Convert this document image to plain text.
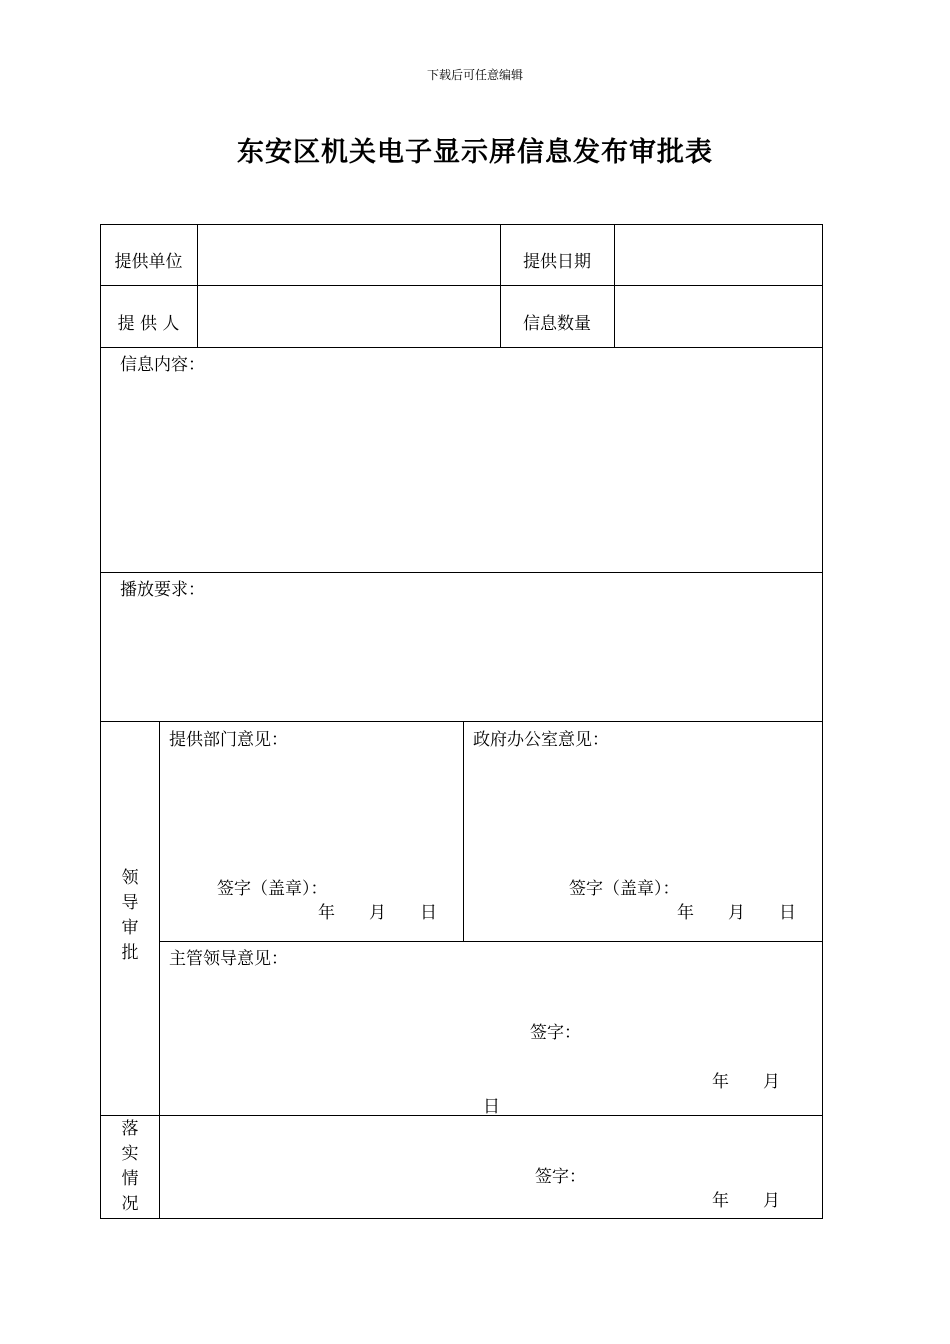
下载后可任意编辑
东安区机关电子显示屏信息发布审批表
提供单位	提供日期
提 供 人	信息数量
信息内容：
播放要求：
领
导
审
批
提供部门意见：
签字（盖章）：
年　　月　　日
政府办公室意见：
签字（盖章）：
年　　月　　日
主管领导意见：
签字：
年　　月
日
落
实
情
况
签字：
年　　月
